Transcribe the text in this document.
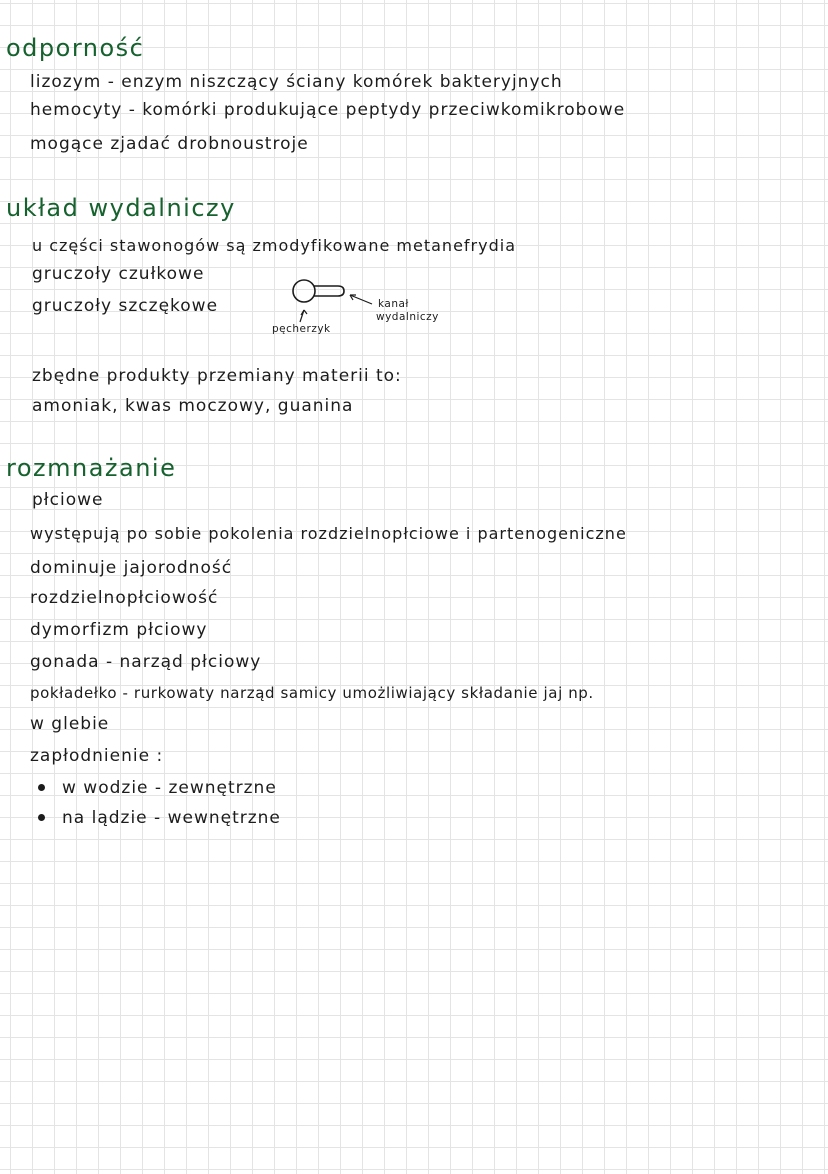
odporność

lizozym - enzym niszczący ściany komórek bakteryjnych

hemocyty - komórki produkujące peptydy przeciwkomikrobowe

mogące zjadać drobnoustroje

układ wydalniczy

u części stawonogów są zmodyfikowane metanefrydia

gruczoły czułkowe

gruczoły szczękowe	kanał

wydalniczy

pęcherzyk

zbędne produkty przemiany materii to:

amoniak, kwas moczowy, guanina

rozmnażanie

płciowe

występują po sobie pokolenia rozdzielnopłciowe i partenogeniczne

dominuje jajorodność

rozdzielnopłciowość

dymorfizm płciowy

gonada - narząd płciowy

pokładełko - rurkowaty narząd samicy umożliwiający składanie jaj np.

w glebie

zapłodnienie :

w wodzie - zewnętrzne

na lądzie - wewnętrzne
